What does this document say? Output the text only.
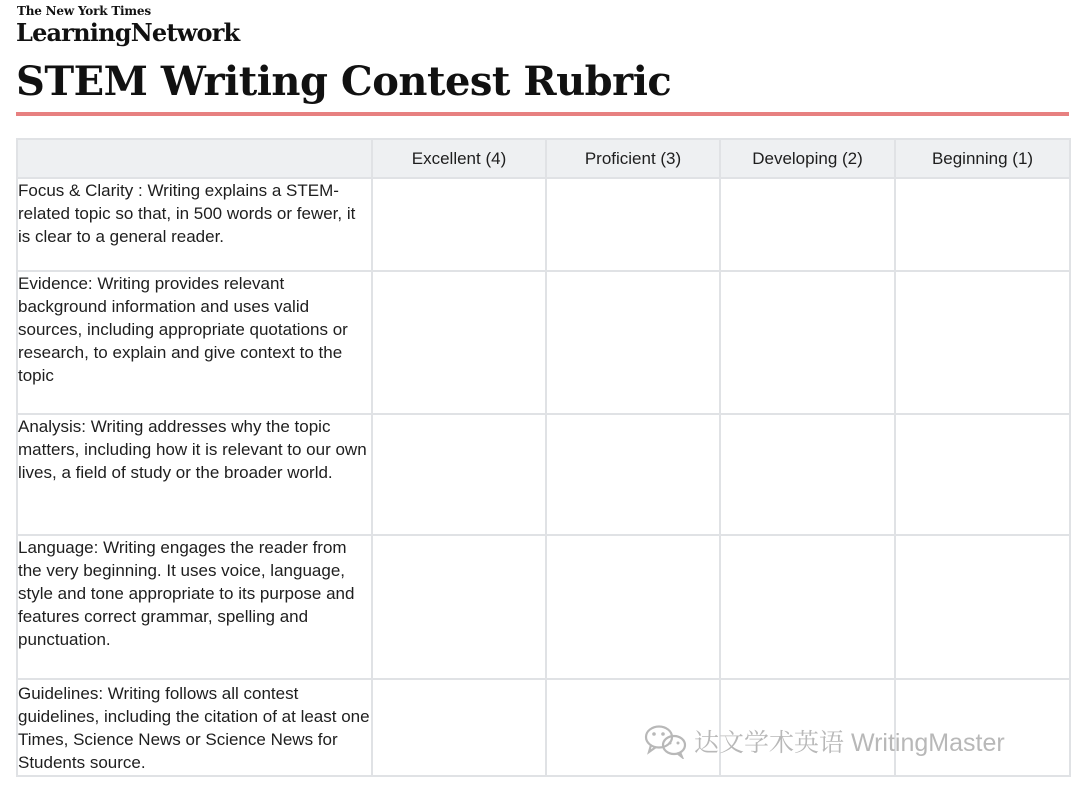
The New York Times
LearningNetwork
STEM Writing Contest Rubric
	Excellent (4)	Proficient (3)	Developing (2)	Beginning (1)
Focus & Clarity : Writing explains a STEM-related topic so that, in 500 words or fewer, it is clear to a general reader.				
Evidence: Writing provides relevant background information and uses valid sources, including appropriate quotations or research, to explain and give context to the topic				
Analysis: Writing addresses why the topic matters, including how it is relevant to our own lives, a field of study or the broader world.				
Language: Writing engages the reader from the very beginning. It uses voice, language, style and tone appropriate to its purpose and features correct grammar, spelling and punctuation.				
Guidelines: Writing follows all contest guidelines, including the citation of at least one Times, Science News or Science News for Students source.				
达文学术英语 WritingMaster
